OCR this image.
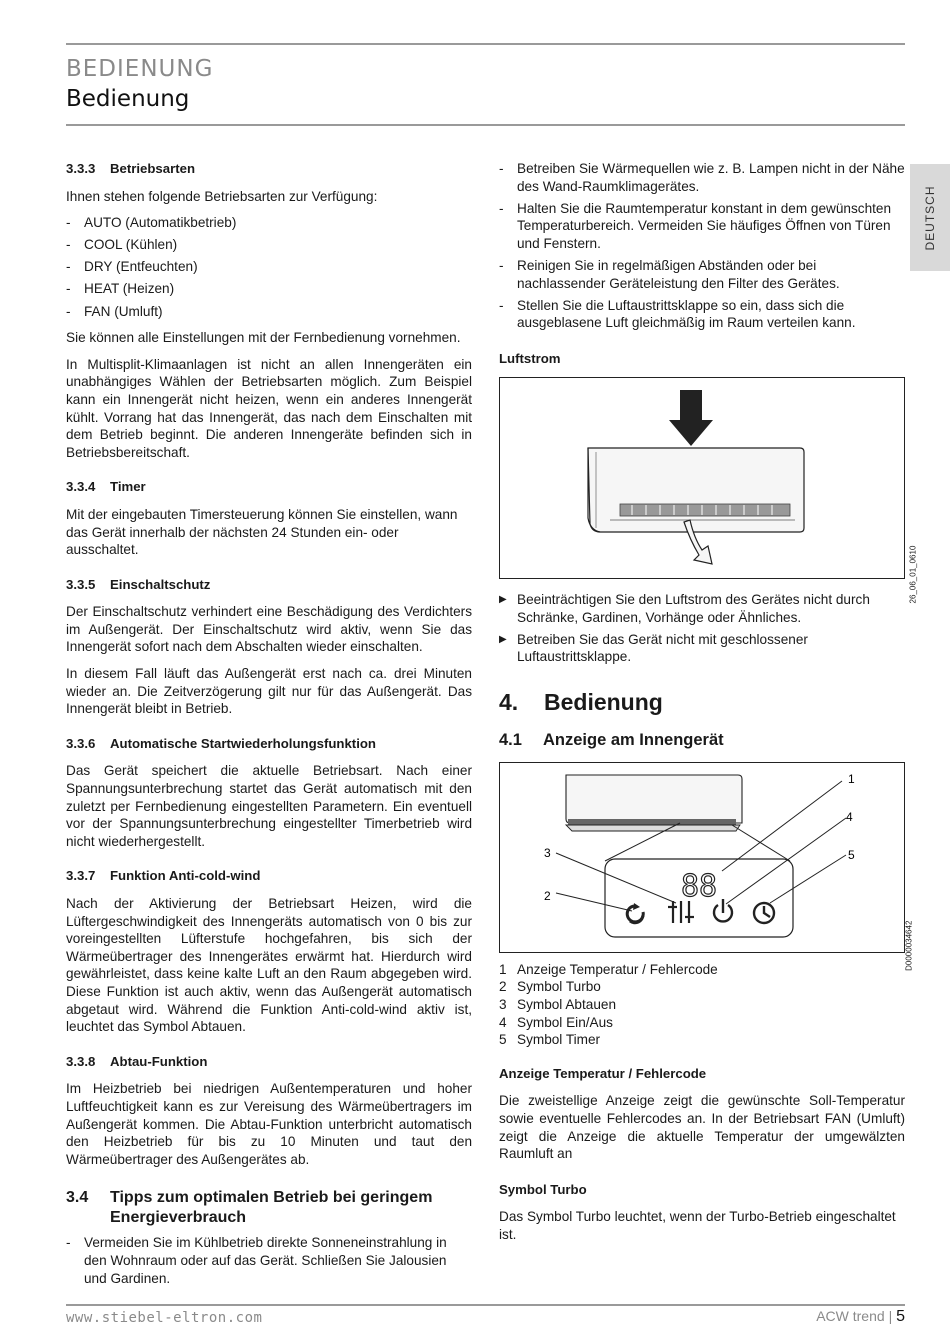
BEDIENUNG
Bedienung
DEUTSCH
3.3.3 Betriebsarten

Ihnen stehen folgende Betriebsarten zur Verfügung:

- AUTO (Automatikbetrieb)
- COOL (Kühlen)
- DRY (Entfeuchten)
- HEAT (Heizen)
- FAN (Umluft)

Sie können alle Einstellungen mit der Fernbedienung vornehmen.

In Multisplit-Klimaanlagen ist nicht an allen Innengeräten ein unabhängiges Wählen der Betriebsarten möglich. Zum Beispiel kann ein Innengerät nicht heizen, wenn ein anderes Innengerät kühlt. Vorrang hat das Innengerät, das nach dem Einschalten mit dem Betrieb beginnt. Die anderen Innengeräte befinden sich in Betriebsbereitschaft.

3.3.4 Timer

Mit der eingebauten Timersteuerung können Sie einstellen, wann das Gerät innerhalb der nächsten 24 Stunden ein- oder ausschaltet.

3.3.5 Einschaltschutz

Der Einschaltschutz verhindert eine Beschädigung des Verdichters im Außengerät. Der Einschaltschutz wird aktiv, wenn Sie das Innengerät sofort nach dem Abschalten wieder einschalten.

In diesem Fall läuft das Außengerät erst nach ca. drei Minuten wieder an. Die Zeitverzögerung gilt nur für das Außengerät. Das Innengerät bleibt in Betrieb.

3.3.6 Automatische Startwiederholungsfunktion

Das Gerät speichert die aktuelle Betriebsart. Nach einer Spannungsunterbrechung startet das Gerät automatisch mit den zuletzt per Fernbedienung eingestellten Parametern. Ein eventuell vor der Spannungsunterbrechung eingestellter Timerbetrieb wird nicht wiederhergestellt.

3.3.7 Funktion Anti-cold-wind

Nach der Aktivierung der Betriebsart Heizen, wird die Lüftergeschwindigkeit des Innengeräts automatisch von 0 bis zur voreingestellten Lüfterstufe hochgefahren, bis sich der Wärmeübertrager des Innengerätes erwärmt hat. Hierdurch wird gewährleistet, dass keine kalte Luft an den Raum abgegeben wird. Diese Funktion ist auch aktiv, wenn das Außengerät automatisch abgetaut wird. Während die Funktion Anti-cold-wind aktiv ist, leuchtet das Symbol Abtauen.

3.3.8 Abtau-Funktion

Im Heizbetrieb bei niedrigen Außentemperaturen und hoher Luftfeuchtigkeit kann es zur Vereisung des Wärmeübertragers im Außengerät kommen. Die Abtau-Funktion unterbricht automatisch den Heizbetrieb für bis zu 10 Minuten und taut den Wärmeübertrager des Außengerätes ab.

3.4 Tipps zum optimalen Betrieb bei geringem Energieverbrauch
- Vermeiden Sie im Kühlbetrieb direkte Sonneneinstrahlung in den Wohnraum oder auf das Gerät. Schließen Sie Jalousien und Gardinen.
- Betreiben Sie Wärmequellen wie z. B. Lampen nicht in der Nähe des Wand-Raumklimagerätes.
- Halten Sie die Raumtemperatur konstant in dem gewünschten Temperaturbereich. Vermeiden Sie häufiges Öffnen von Türen und Fenstern.
- Reinigen Sie in regelmäßigen Abständen oder bei nachlassender Geräteleistung den Filter des Gerätes.
- Stellen Sie die Luftaustrittsklappe so ein, dass sich die ausgeblasene Luft gleichmäßig im Raum verteilen kann.
Luftstrom
26_06_01_0610
▶ Beeinträchtigen Sie den Luftstrom des Gerätes nicht durch Schränke, Gardinen, Vorhänge oder Ähnliches.
▶ Betreiben Sie das Gerät nicht mit geschlossener Luftaustrittsklappe.
4. Bedienung
4.1 Anzeige am Innengerät
88
1
2
3
4
5
D0000034642
1 Anzeige Temperatur / Fehlercode
2 Symbol Turbo
3 Symbol Abtauen
4 Symbol Ein/Aus
5 Symbol Timer
Anzeige Temperatur / Fehlercode

Die zweistellige Anzeige zeigt die gewünschte Soll-Temperatur sowie eventuelle Fehlercodes an. In der Betriebsart FAN (Umluft) zeigt die Anzeige die aktuelle Temperatur der umgewälzten Raumluft an

Symbol Turbo

Das Symbol Turbo leuchtet, wenn der Turbo-Betrieb eingeschaltet ist.

www.stiebel-eltron.com	ACW trend | 5
